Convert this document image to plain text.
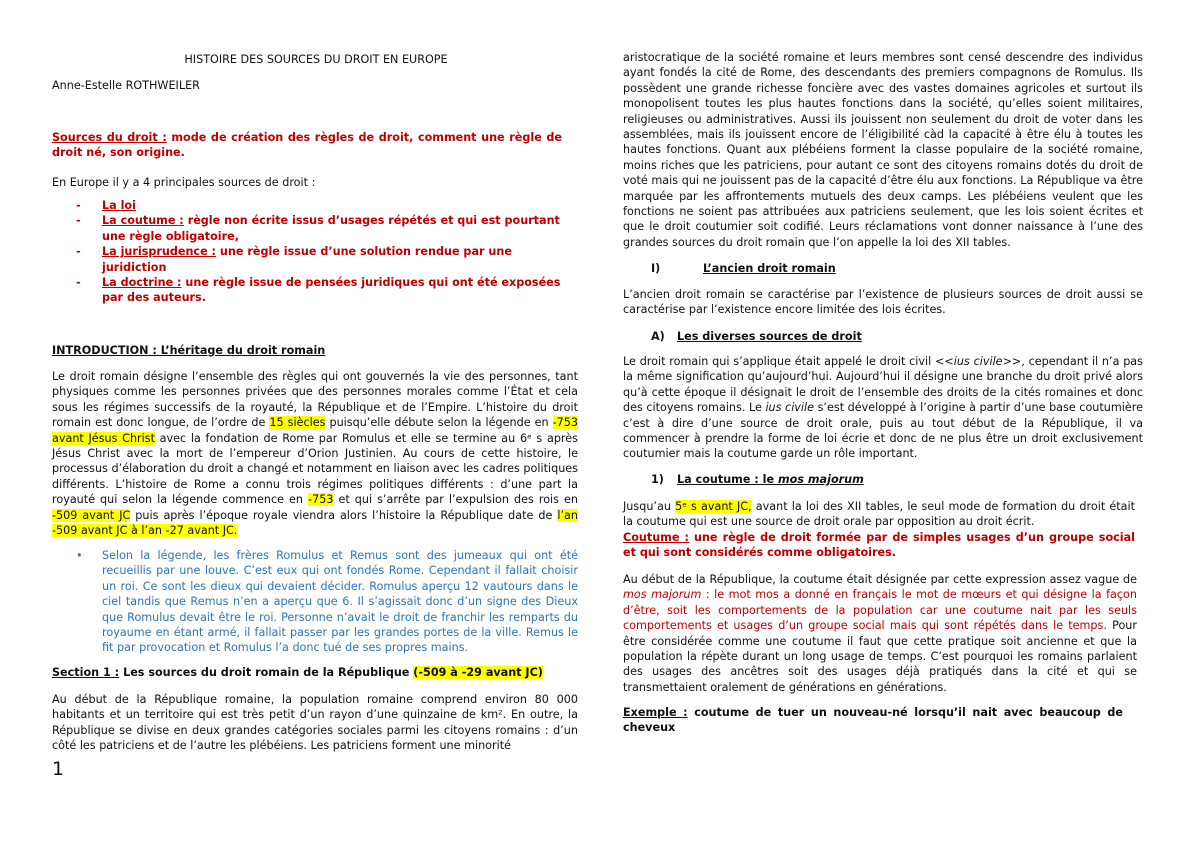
HISTOIRE DES SOURCES DU DROIT EN EUROPE
Anne-Estelle ROTHWEILER
Sources du droit : mode de création des règles de droit, comment une règle de droit né, son origine.
En Europe il y a 4 principales sources de droit :
- La loi
- La coutume : règle non écrite issus d’usages répétés et qui est pourtant une règle obligatoire,
- La jurisprudence : une règle issue d’une solution rendue par une juridiction
- La doctrine : une règle issue de pensées juridiques qui ont été exposées par des auteurs.
INTRODUCTION : L’héritage du droit romain
Le droit romain désigne l’ensemble des règles qui ont gouvernés la vie des personnes, tant physiques comme les personnes privées que des personnes morales comme l’État et cela sous les régimes successifs de la royauté, la République et de l’Empire. L’histoire du droit romain est donc longue, de l’ordre de 15 siècles puisqu’elle débute selon la légende en -753 avant Jésus Christ avec la fondation de Rome par Romulus et elle se termine au 6ᵉ s après Jésus Christ avec la mort de l’empereur d’Orion Justinien. Au cours de cette histoire, le processus d’élaboration du droit a changé et notamment en liaison avec les cadres politiques différents. L’histoire de Rome a connu trois régimes politiques différents : d’une part la royauté qui selon la légende commence en -753 et qui s’arrête par l’expulsion des rois en -509 avant JC puis après l’époque royale viendra alors l’histoire la République date de l’an -509 avant JC à l’an -27 avant JC.
• Selon la légende, les frères Romulus et Remus sont des jumeaux qui ont été recueillis par une louve. C’est eux qui ont fondés Rome. Cependant il fallait choisir un roi. Ce sont les dieux qui devaient décider. Romulus aperçu 12 vautours dans le ciel tandis que Remus n’en a aperçu que 6. Il s’agissait donc d’un signe des Dieux que Romulus devait être le roi. Personne n’avait le droit de franchir les remparts du royaume en étant armé, il fallait passer par les grandes portes de la ville. Remus le fit par provocation et Romulus l’a donc tué de ses propres mains.
Section 1 : Les sources du droit romain de la République (-509 à -29 avant JC)
Au début de la République romaine, la population romaine comprend environ 80 000 habitants et un territoire qui est très petit d’un rayon d’une quinzaine de km². En outre, la République se divise en deux grandes catégories sociales parmi les citoyens romains : d’un côté les patriciens et de l’autre les plébéiens. Les patriciens forment une minorité
1
aristocratique de la société romaine et leurs membres sont censé descendre des individus ayant fondés la cité de Rome, des descendants des premiers compagnons de Romulus. Ils possèdent une grande richesse foncière avec des vastes domaines agricoles et surtout ils monopolisent toutes les plus hautes fonctions dans la société, qu’elles soient militaires, religieuses ou administratives. Aussi ils jouissent non seulement du droit de voter dans les assemblées, mais ils jouissent encore de l’éligibilité càd la capacité à être élu à toutes les hautes fonctions. Quant aux plébéiens forment la classe populaire de la société romaine, moins riches que les patriciens, pour autant ce sont des citoyens romains dotés du droit de voté mais qui ne jouissent pas de la capacité d’être élu aux fonctions. La République va être marquée par les affrontements mutuels des deux camps. Les plébéiens veulent que les fonctions ne soient pas attribuées aux patriciens seulement, que les lois soient écrites et que le droit coutumier soit codifié. Leurs réclamations vont donner naissance à l’une des grandes sources du droit romain que l’on appelle la loi des XII tables.
I)	L’ancien droit romain
L’ancien droit romain se caractérise par l’existence de plusieurs sources de droit aussi se caractérise par l’existence encore limitée des lois écrites.
A) Les diverses sources de droit
Le droit romain qui s’applique était appelé le droit civil <<ius civile>>, cependant il n’a pas la même signification qu’aujourd’hui. Aujourd’hui il désigne une branche du droit privé alors qu’à cette époque il désignait le droit de l’ensemble des droits de la cités romaines et donc des citoyens romains. Le ius civile s’est développé à l’origine à partir d’une base coutumière c’est à dire d’une source de droit orale, puis au tout début de la République, il va commencer à prendre la forme de loi écrie et donc de ne plus être un droit exclusivement coutumier mais la coutume garde un rôle important.
1) La coutume : le mos majorum
Jusqu’au 5ᵉ s avant JC, avant la loi des XII tables, le seul mode de formation du droit était la coutume qui est une source de droit orale par opposition au droit écrit.
Coutume : une règle de droit formée par de simples usages d’un groupe social et qui sont considérés comme obligatoires.
Au début de la République, la coutume était désignée par cette expression assez vague de mos majorum : le mot mos a donné en français le mot de mœurs et qui désigne la façon d’être, soit les comportements de la population car une coutume nait par les seuls comportements et usages d’un groupe social mais qui sont répétés dans le temps. Pour être considérée comme une coutume il faut que cette pratique soit ancienne et que la population la répète durant un long usage de temps. C’est pourquoi les romains parlaient des usages des ancêtres soit des usages déjà pratiqués dans la cité et qui se transmettaient oralement de générations en générations.
Exemple : coutume de tuer un nouveau-né lorsqu’il nait avec beaucoup de cheveux
